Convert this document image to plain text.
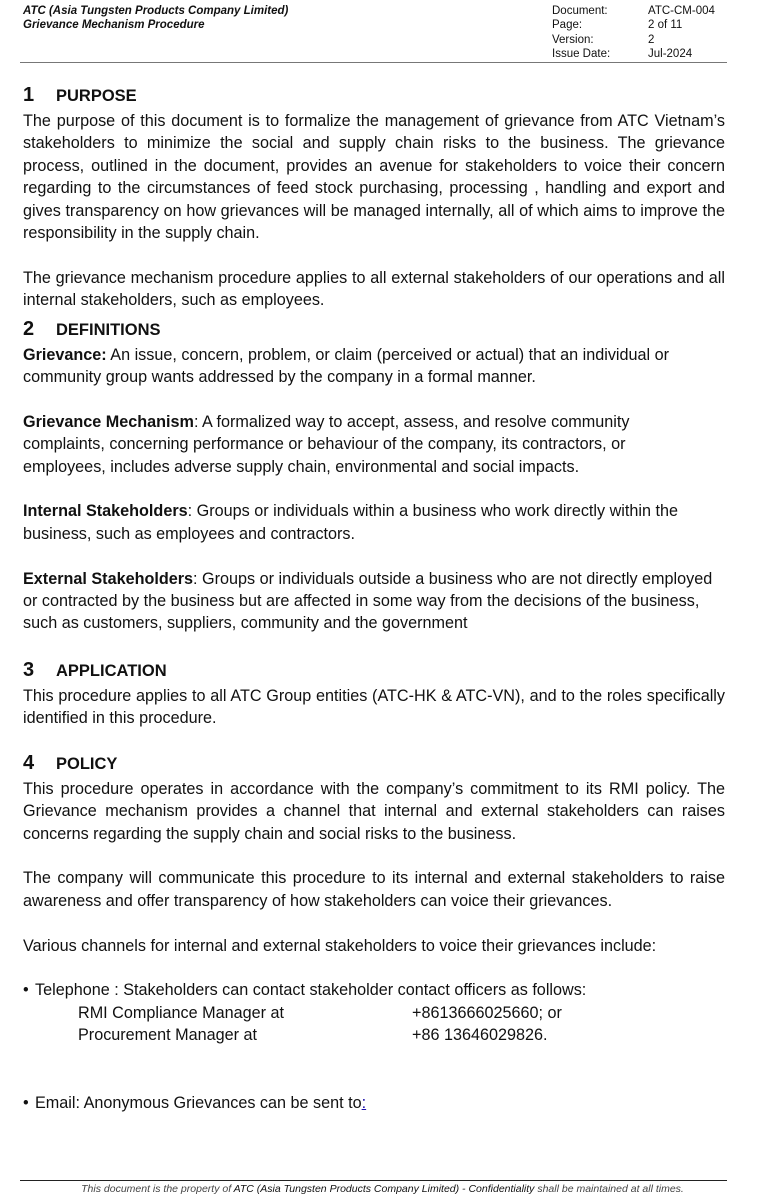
ATC (Asia Tungsten Products Company Limited)
Grievance Mechanism Procedure
Document:	ATC-CM-004
Page:	2 of 11
Version:	2
Issue Date:	Jul-2024
1	PURPOSE

The purpose of this document is to formalize the management of grievance from ATC Vietnam’s stakeholders to minimize the social and supply chain risks to the business. The grievance process, outlined in the document, provides an avenue for stakeholders to voice their concern regarding to the circumstances of feed stock purchasing, processing , handling and export and gives transparency on how grievances will be managed internally, all of which aims to improve the responsibility in the supply chain.

The grievance mechanism procedure applies to all external stakeholders of our operations and all internal stakeholders, such as employees.

2	DEFINITIONS

Grievance: An issue, concern, problem, or claim (perceived or actual) that an individual or community group wants addressed by the company in a formal manner.

Grievance Mechanism: A formalized way to accept, assess, and resolve community complaints, concerning performance or behaviour of the company, its contractors, or employees, includes adverse supply chain, environmental and social impacts.

Internal Stakeholders: Groups or individuals within a business who work directly within the business, such as employees and contractors.

External Stakeholders: Groups or individuals outside a business who are not directly employed or contracted by the business but are affected in some way from the decisions of the business, such as customers, suppliers, community and the government

3	APPLICATION

This procedure applies to all ATC Group entities (ATC-HK & ATC-VN), and to the roles specifically identified in this procedure.

4	POLICY

This procedure operates in accordance with the company’s commitment to its RMI policy. The Grievance mechanism provides a channel that internal and external stakeholders can raises concerns regarding the supply chain and social risks to the business.

The company will communicate this procedure to its internal and external stakeholders to raise awareness and offer transparency of how stakeholders can voice their grievances.

Various channels for internal and external stakeholders to voice their grievances include:

• Telephone : Stakeholders can contact stakeholder contact officers as follows:
RMI Compliance Manager at	+8613666025660; or
Procurement Manager at	+86 13646029826.
• Email: Anonymous Grievances can be sent to :
This document is the property of ATC (Asia Tungsten Products Company Limited) - Confidentiality shall be maintained at all times.
